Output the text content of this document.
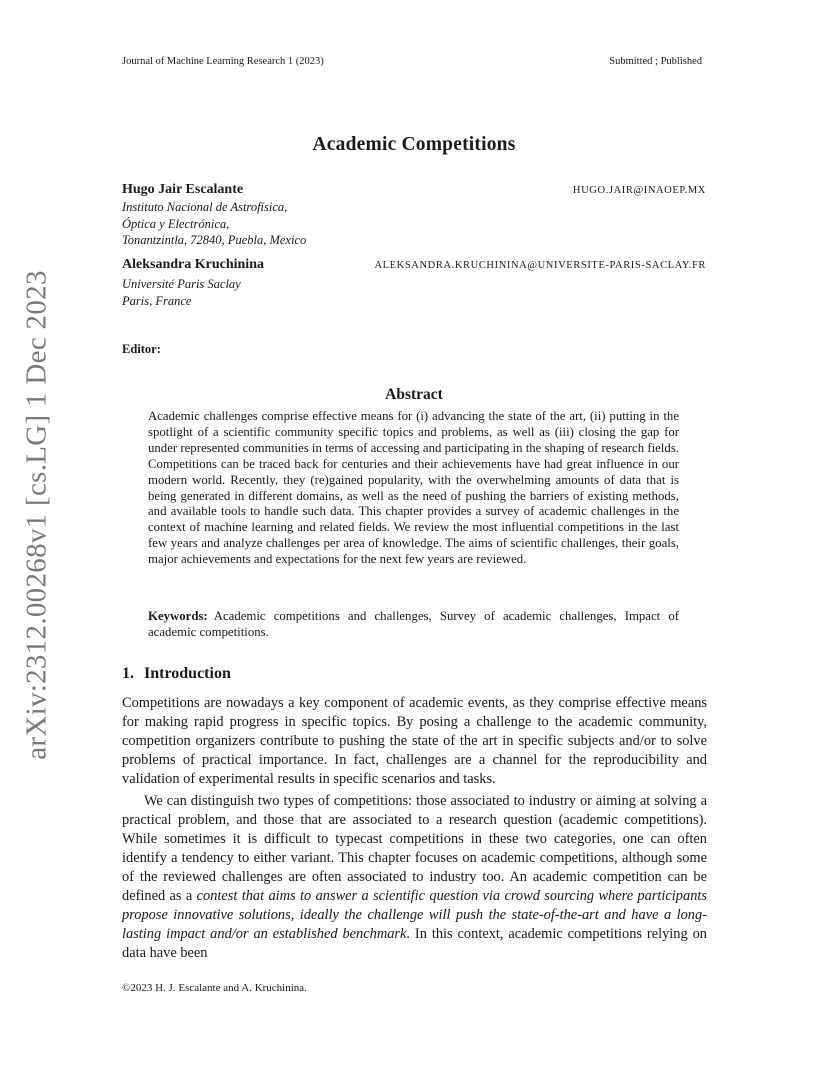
Journal of Machine Learning Research 1 (2023)	Submitted ; Published
Academic Competitions
Hugo Jair Escalante	HUGO.JAIR@INAOEP.MX
Instituto Nacional de Astrofísica,
Óptica y Electrónica,
Tonantzintla, 72840, Puebla, Mexico
Aleksandra Kruchinina	ALEKSANDRA.KRUCHININA@UNIVERSITE-PARIS-SACLAY.FR
Université Paris Saclay
Paris, France
Editor:
Abstract
Academic challenges comprise effective means for (i) advancing the state of the art, (ii) putting in the spotlight of a scientific community specific topics and problems, as well as (iii) closing the gap for under represented communities in terms of accessing and participating in the shaping of research fields. Competitions can be traced back for centuries and their achievements have had great influence in our modern world. Recently, they (re)gained popularity, with the overwhelming amounts of data that is being generated in different domains, as well as the need of pushing the barriers of existing methods, and available tools to handle such data. This chapter provides a survey of academic challenges in the context of machine learning and related fields. We review the most influential competitions in the last few years and analyze challenges per area of knowledge. The aims of scientific challenges, their goals, major achievements and expectations for the next few years are reviewed.
Keywords: Academic competitions and challenges, Survey of academic challenges, Impact of academic competitions.
1. Introduction
Competitions are nowadays a key component of academic events, as they comprise effective means for making rapid progress in specific topics. By posing a challenge to the academic community, competition organizers contribute to pushing the state of the art in specific subjects and/or to solve problems of practical importance. In fact, challenges are a channel for the reproducibility and validation of experimental results in specific scenarios and tasks.
We can distinguish two types of competitions: those associated to industry or aiming at solving a practical problem, and those that are associated to a research question (academic competitions). While sometimes it is difficult to typecast competitions in these two categories, one can often identify a tendency to either variant. This chapter focuses on academic competitions, although some of the reviewed challenges are often associated to industry too. An academic competition can be defined as a contest that aims to answer a scientific question via crowd sourcing where participants propose innovative solutions, ideally the challenge will push the state-of-the-art and have a long-lasting impact and/or an established benchmark. In this context, academic competitions relying on data have been
©2023 H. J. Escalante and A. Kruchinina.
arXiv:2312.00268v1 [cs.LG] 1 Dec 2023
